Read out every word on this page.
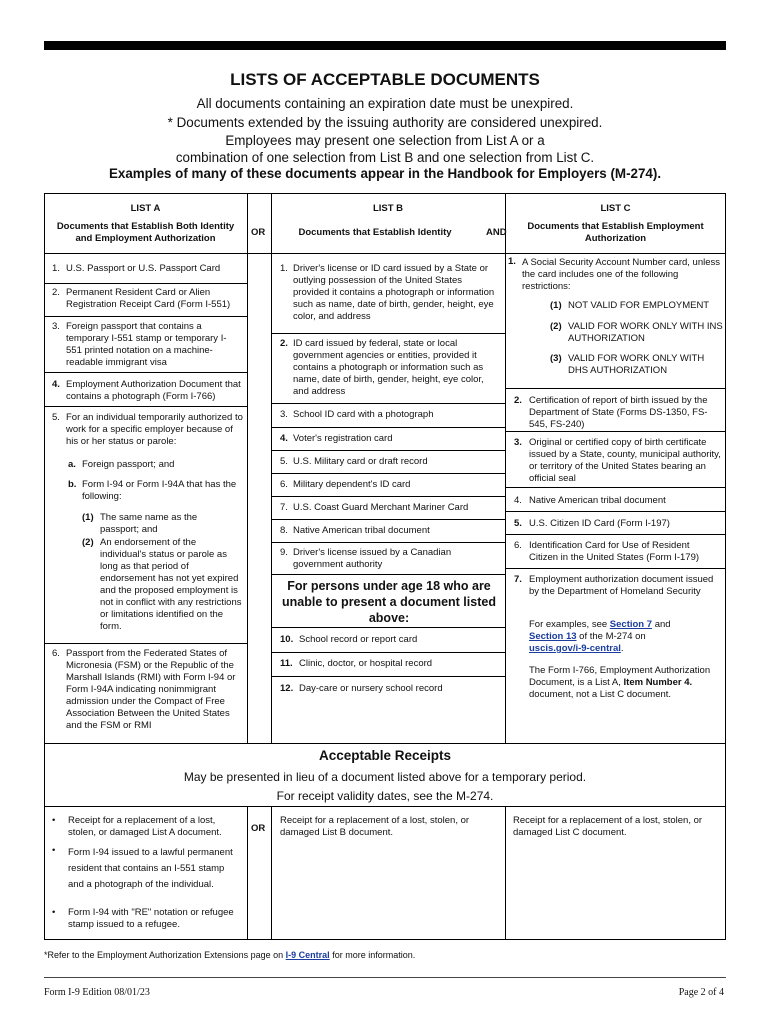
LISTS OF ACCEPTABLE DOCUMENTS
All documents containing an expiration date must be unexpired.
* Documents extended by the issuing authority are considered unexpired.
Employees may present one selection from List A or a
combination of one selection from List B and one selection from List C.
Examples of many of these documents appear in the Handbook for Employers (M-274).
LIST A
Documents that Establish Both Identity and Employment Authorization
OR
LIST B
Documents that Establish Identity	AND
LIST C
Documents that Establish Employment Authorization
1. U.S. Passport or U.S. Passport Card
2. Permanent Resident Card or Alien Registration Receipt Card (Form I-551)
3. Foreign passport that contains a temporary I-551 stamp or temporary I-551 printed notation on a machine-readable immigrant visa
4. Employment Authorization Document that contains a photograph (Form I-766)
5. For an individual temporarily authorized to work for a specific employer because of his or her status or parole:
a. Foreign passport; and
b. Form I-94 or Form I-94A that has the following:
(1) The same name as the passport; and
(2) An endorsement of the individual's status or parole as long as that period of endorsement has not yet expired and the proposed employment is not in conflict with any restrictions or limitations identified on the form.
6. Passport from the Federated States of Micronesia (FSM) or the Republic of the Marshall Islands (RMI) with Form I-94 or Form I-94A indicating nonimmigrant admission under the Compact of Free Association Between the United States and the FSM or RMI
1. Driver's license or ID card issued by a State or outlying possession of the United States provided it contains a photograph or information such as name, date of birth, gender, height, eye color, and address
2. ID card issued by federal, state or local government agencies or entities, provided it contains a photograph or information such as name, date of birth, gender, height, eye color, and address
3. School ID card with a photograph
4. Voter's registration card
5. U.S. Military card or draft record
6. Military dependent's ID card
7. U.S. Coast Guard Merchant Mariner Card
8. Native American tribal document
9. Driver's license issued by a Canadian government authority
For persons under age 18 who are unable to present a document listed above:
10. School record or report card
11. Clinic, doctor, or hospital record
12. Day-care or nursery school record
1. A Social Security Account Number card, unless the card includes one of the following restrictions:
(1) NOT VALID FOR EMPLOYMENT
(2) VALID FOR WORK ONLY WITH INS AUTHORIZATION
(3) VALID FOR WORK ONLY WITH DHS AUTHORIZATION
2. Certification of report of birth issued by the Department of State (Forms DS-1350, FS-545, FS-240)
3. Original or certified copy of birth certificate issued by a State, county, municipal authority, or territory of the United States bearing an official seal
4. Native American tribal document
5. U.S. Citizen ID Card (Form I-197)
6. Identification Card for Use of Resident Citizen in the United States (Form I-179)
7. Employment authorization document issued by the Department of Homeland Security
For examples, see Section 7 and
Section 13 of the M-274 on
uscis.gov/i-9-central.
The Form I-766, Employment Authorization Document, is a List A, Item Number 4. document, not a List C document.
Acceptable Receipts
May be presented in lieu of a document listed above for a temporary period.
For receipt validity dates, see the M-274.
• Receipt for a replacement of a lost, stolen, or damaged List A document.
• Form I-94 issued to a lawful permanent resident that contains an I-551 stamp and a photograph of the individual.
• Form I-94 with "RE" notation or refugee stamp issued to a refugee.
OR
Receipt for a replacement of a lost, stolen, or damaged List B document.
Receipt for a replacement of a lost, stolen, or damaged List C document.
*Refer to the Employment Authorization Extensions page on I-9 Central for more information.
Form I-9 Edition 08/01/23	Page 2 of 4
